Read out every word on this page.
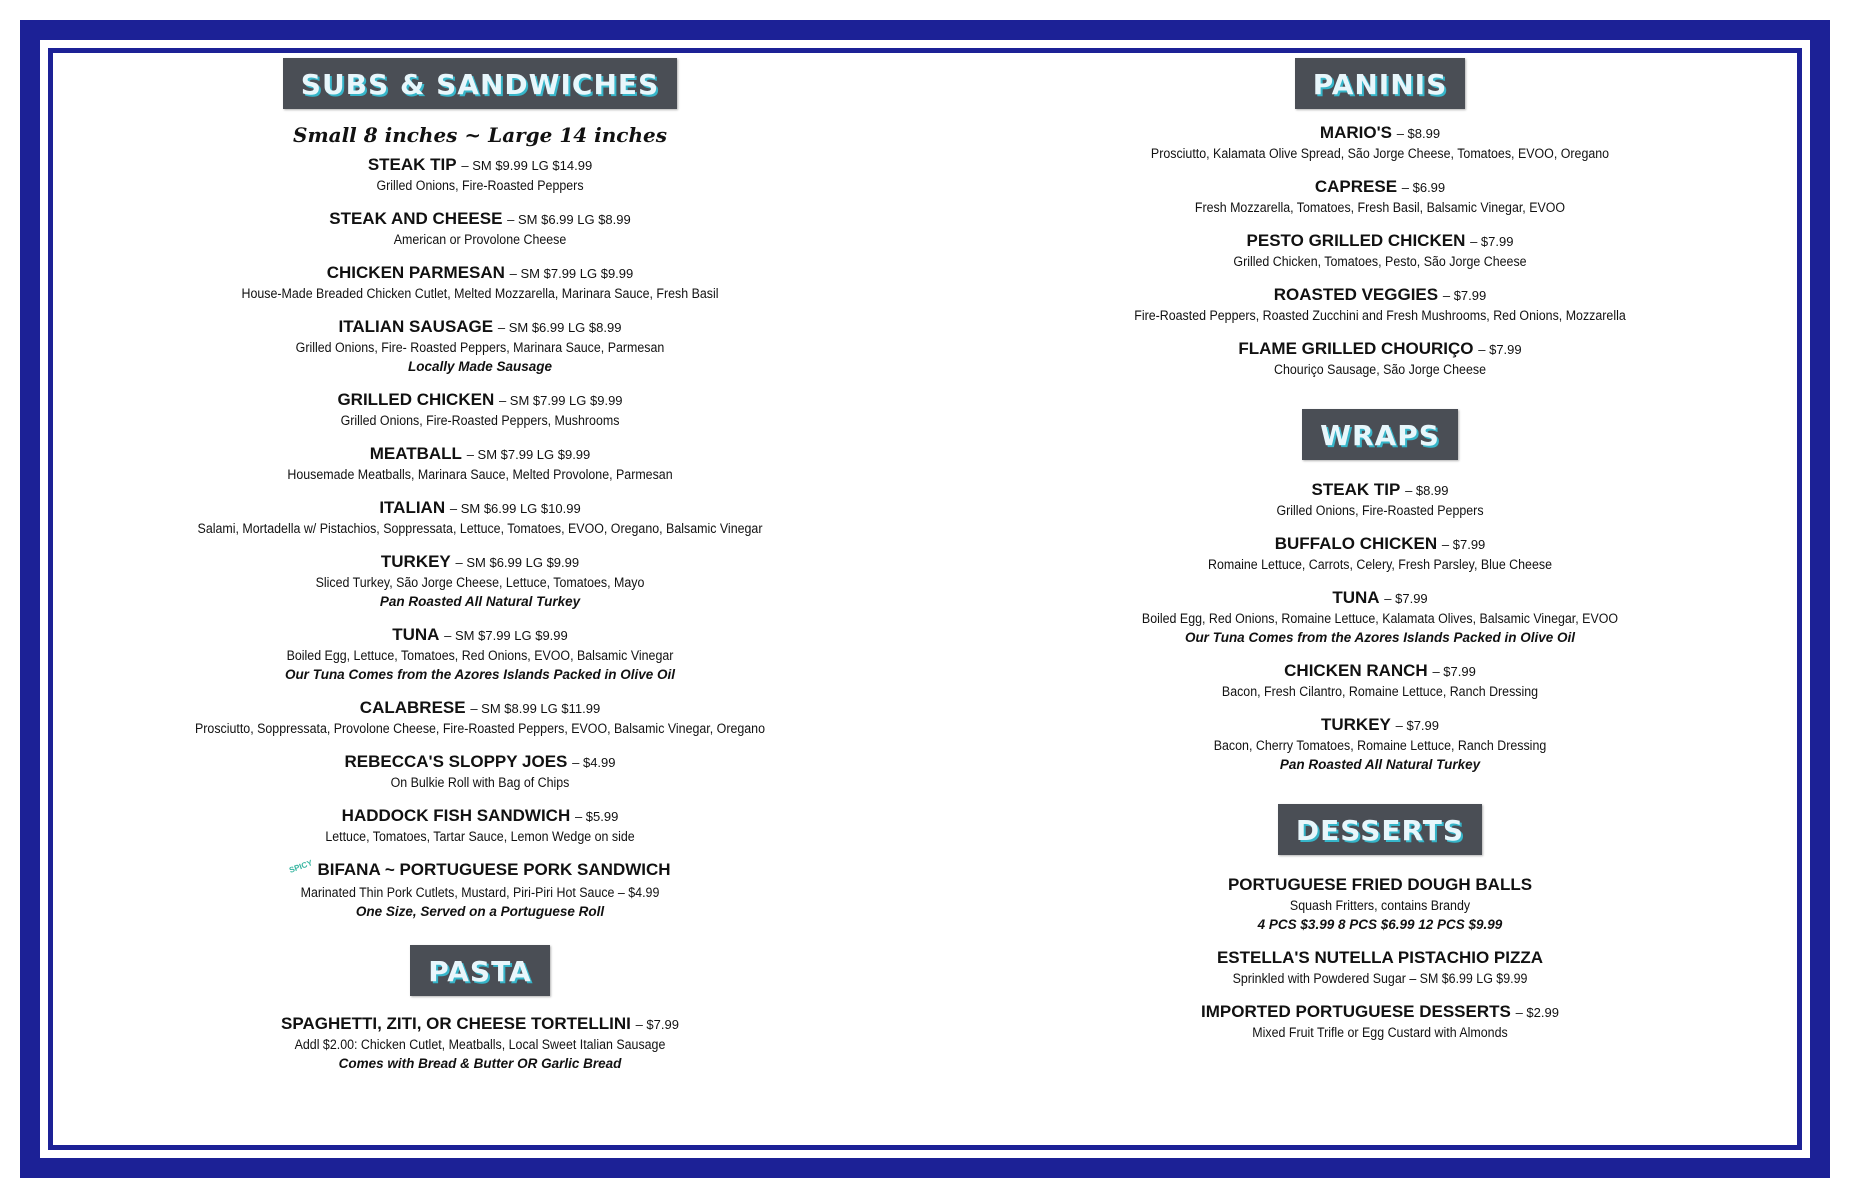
SUBS & SANDWICHES
Small 8 inches ~ Large 14 inches
STEAK TIP – SM $9.99 LG $14.99
Grilled Onions, Fire-Roasted Peppers
STEAK AND CHEESE – SM $6.99 LG $8.99
American or Provolone Cheese
CHICKEN PARMESAN – SM $7.99 LG $9.99
House-Made Breaded Chicken Cutlet, Melted Mozzarella, Marinara Sauce, Fresh Basil
ITALIAN SAUSAGE – SM $6.99 LG $8.99
Grilled Onions, Fire- Roasted Peppers, Marinara Sauce, Parmesan
Locally Made Sausage
GRILLED CHICKEN – SM $7.99 LG $9.99
Grilled Onions, Fire-Roasted Peppers, Mushrooms
MEATBALL – SM $7.99 LG $9.99
Housemade Meatballs, Marinara Sauce, Melted Provolone, Parmesan
ITALIAN – SM $6.99 LG $10.99
Salami, Mortadella w/ Pistachios, Soppressata, Lettuce, Tomatoes, EVOO, Oregano, Balsamic Vinegar
TURKEY – SM $6.99 LG $9.99
Sliced Turkey, São Jorge Cheese, Lettuce, Tomatoes, Mayo
Pan Roasted All Natural Turkey
TUNA – SM $7.99 LG $9.99
Boiled Egg, Lettuce, Tomatoes, Red Onions, EVOO, Balsamic Vinegar
Our Tuna Comes from the Azores Islands Packed in Olive Oil
CALABRESE – SM $8.99 LG $11.99
Prosciutto, Soppressata, Provolone Cheese, Fire-Roasted Peppers, EVOO, Balsamic Vinegar, Oregano
REBECCA'S SLOPPY JOES – $4.99
On Bulkie Roll with Bag of Chips
HADDOCK FISH SANDWICH – $5.99
Lettuce, Tomatoes, Tartar Sauce, Lemon Wedge on side
SPICY BIFANA ~ PORTUGUESE PORK SANDWICH
Marinated Thin Pork Cutlets, Mustard, Piri-Piri Hot Sauce – $4.99
One Size, Served on a Portuguese Roll
PASTA
SPAGHETTI, ZITI, OR CHEESE TORTELLINI – $7.99
Addl $2.00: Chicken Cutlet, Meatballs, Local Sweet Italian Sausage
Comes with Bread & Butter OR Garlic Bread
PANINIS
MARIO'S – $8.99
Prosciutto, Kalamata Olive Spread, São Jorge Cheese, Tomatoes, EVOO, Oregano
CAPRESE – $6.99
Fresh Mozzarella, Tomatoes, Fresh Basil, Balsamic Vinegar, EVOO
PESTO GRILLED CHICKEN – $7.99
Grilled Chicken, Tomatoes, Pesto, São Jorge Cheese
ROASTED VEGGIES – $7.99
Fire-Roasted Peppers, Roasted Zucchini and Fresh Mushrooms, Red Onions, Mozzarella
FLAME GRILLED CHOURIÇO – $7.99
Chouriço Sausage, São Jorge Cheese
WRAPS
STEAK TIP – $8.99
Grilled Onions, Fire-Roasted Peppers
BUFFALO CHICKEN – $7.99
Romaine Lettuce, Carrots, Celery, Fresh Parsley, Blue Cheese
TUNA – $7.99
Boiled Egg, Red Onions, Romaine Lettuce, Kalamata Olives, Balsamic Vinegar, EVOO
Our Tuna Comes from the Azores Islands Packed in Olive Oil
CHICKEN RANCH – $7.99
Bacon, Fresh Cilantro, Romaine Lettuce, Ranch Dressing
TURKEY – $7.99
Bacon, Cherry Tomatoes, Romaine Lettuce, Ranch Dressing
Pan Roasted All Natural Turkey
DESSERTS
PORTUGUESE FRIED DOUGH BALLS
Squash Fritters, contains Brandy
4 PCS $3.99 8 PCS $6.99 12 PCS $9.99
ESTELLA'S NUTELLA PISTACHIO PIZZA
Sprinkled with Powdered Sugar – SM $6.99 LG $9.99
IMPORTED PORTUGUESE DESSERTS – $2.99
Mixed Fruit Trifle or Egg Custard with Almonds
